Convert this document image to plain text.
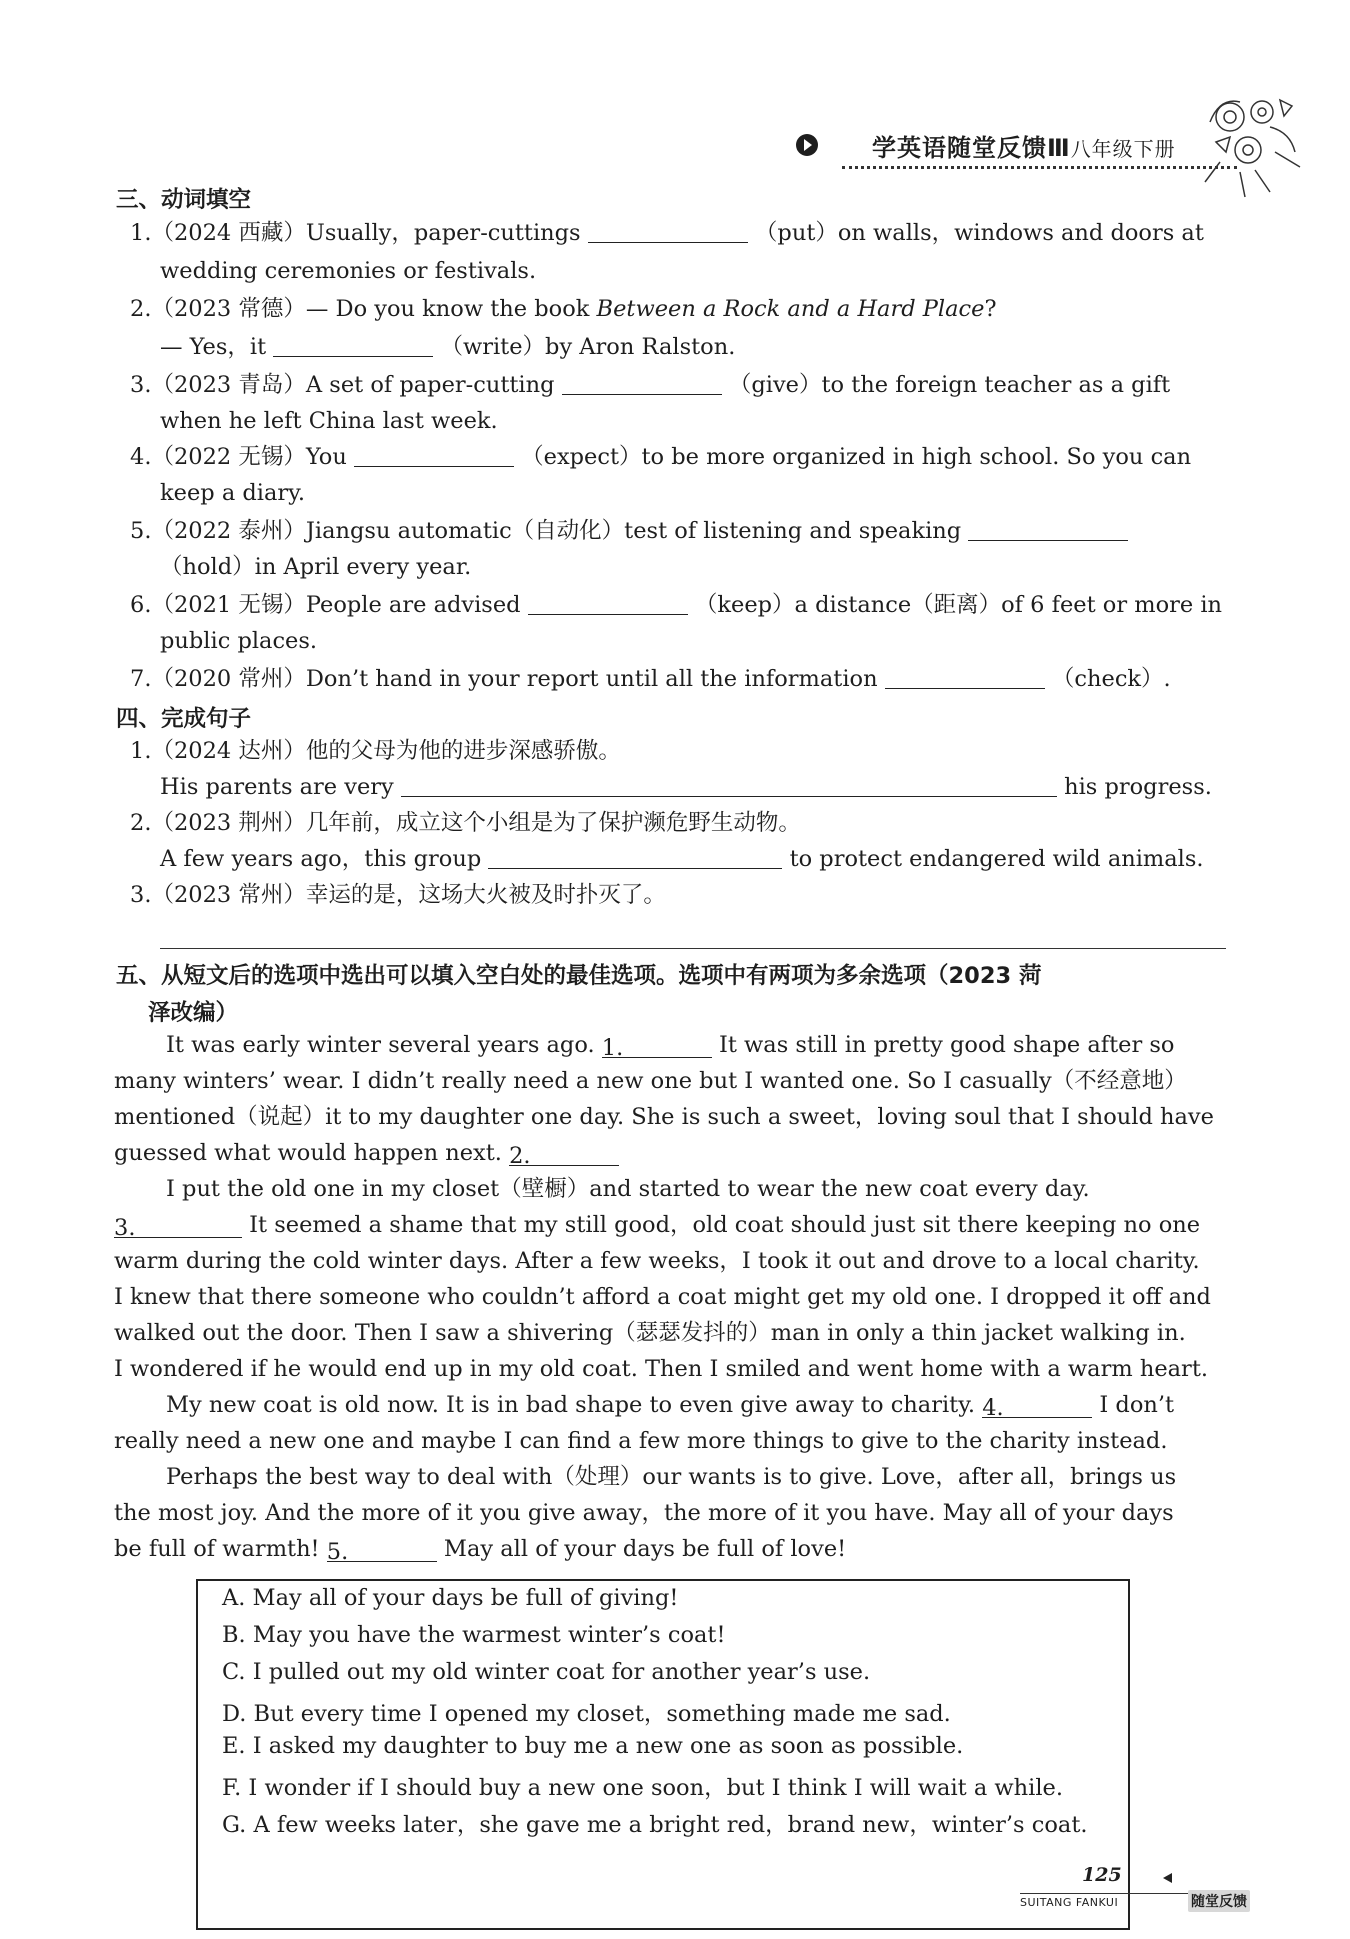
学英语随堂反馈Ⅲ八年级下册
三、动词填空
1.（2024 西藏）Usually，paper-cuttings	（put）on walls，windows and doors at
wedding ceremonies or festivals.
2.（2023 常德）— Do you know the book Between a Rock and a Hard Place?
— Yes，it	（write）by Aron Ralston.
3.（2023 青岛）A set of paper-cutting	（give）to the foreign teacher as a gift
when he left China last week.
4.（2022 无锡）You	（expect）to be more organized in high school. So you can
keep a diary.
5.（2022 泰州）Jiangsu automatic（自动化）test of listening and speaking
（hold）in April every year.
6.（2021 无锡）People are advised	（keep）a distance（距离）of 6 feet or more in
public places.
7.（2020 常州）Don’t hand in your report until all the information	（check）.
四、完成句子
1.（2024 达州）他的父母为他的进步深感骄傲。
His parents are very	his progress.
2.（2023 荆州）几年前，成立这个小组是为了保护濒危野生动物。
A few years ago，this group	to protect endangered wild animals.
3.（2023 常州）幸运的是，这场大火被及时扑灭了。
五、从短文后的选项中选出可以填入空白处的最佳选项。选项中有两项为多余选项（2023 菏
泽改编）
It was early winter several years ago. 1.	It was still in pretty good shape after so
many winters’ wear. I didn’t really need a new one but I wanted one. So I casually（不经意地）
mentioned（说起）it to my daughter one day. She is such a sweet，loving soul that I should have
guessed what would happen next. 2.
I put the old one in my closet（壁橱）and started to wear the new coat every day.
3.	It seemed a shame that my still good，old coat should just sit there keeping no one
warm during the cold winter days. After a few weeks，I took it out and drove to a local charity.
I knew that there someone who couldn’t afford a coat might get my old one. I dropped it off and
walked out the door. Then I saw a shivering（瑟瑟发抖的）man in only a thin jacket walking in.
I wondered if he would end up in my old coat. Then I smiled and went home with a warm heart.
My new coat is old now. It is in bad shape to even give away to charity. 4.	I don’t
really need a new one and maybe I can find a few more things to give to the charity instead.
Perhaps the best way to deal with（处理）our wants is to give. Love，after all，brings us
the most joy. And the more of it you give away，the more of it you have. May all of your days
be full of warmth! 5.	May all of your days be full of love!
A. May all of your days be full of giving!
B. May you have the warmest winter’s coat!
C. I pulled out my old winter coat for another year’s use.
D. But every time I opened my closet，something made me sad.
E. I asked my daughter to buy me a new one as soon as possible.
F. I wonder if I should buy a new one soon，but I think I will wait a while.
G. A few weeks later，she gave me a bright red，brand new，winter’s coat.
125
SUITANG FANKUI	随堂反馈
